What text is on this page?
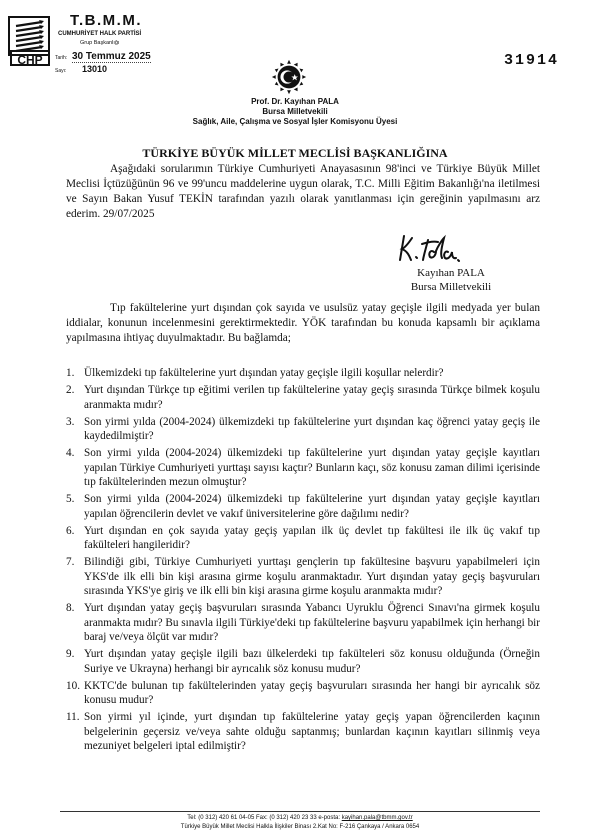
CHP
T.B.M.M.
CUMHURİYET HALK PARTİSİ
Grup Başkanlığı
Tarih: 30 Temmuz 2025
Sayı: 13010	31914
Prof. Dr. Kayıhan PALA
Bursa Milletvekili
Sağlık, Aile, Çalışma ve Sosyal İşler Komisyonu Üyesi
TÜRKİYE BÜYÜK MİLLET MECLİSİ BAŞKANLIĞINA
Aşağıdaki sorularımın Türkiye Cumhuriyeti Anayasasının 98'inci ve Türkiye Büyük Millet Meclisi İçtüzüğünün 96 ve 99'uncu maddelerine uygun olarak, T.C. Milli Eğitim Bakanlığı'na iletilmesi ve Sayın Bakan Yusuf TEKİN tarafından yazılı olarak yanıtlanması için gereğinin yapılmasını arz ederim. 29/07/2025
Kayıhan PALA
Bursa Milletvekili
Tıp fakültelerine yurt dışından çok sayıda ve usulsüz yatay geçişle ilgili medyada yer bulan iddialar, konunun incelenmesini gerektirmektedir. YÖK tarafından bu konuda kapsamlı bir açıklama yapılmasına ihtiyaç duyulmaktadır. Bu bağlamda;
1. Ülkemizdeki tıp fakültelerine yurt dışından yatay geçişle ilgili koşullar nelerdir?
2. Yurt dışından Türkçe tıp eğitimi verilen tıp fakültelerine yatay geçiş sırasında Türkçe bilmek koşulu aranmakta mıdır?
3. Son yirmi yılda (2004-2024) ülkemizdeki tıp fakültelerine yurt dışından kaç öğrenci yatay geçiş ile kaydedilmiştir?
4. Son yirmi yılda (2004-2024) ülkemizdeki tıp fakültelerine yurt dışından yatay geçişle kayıtları yapılan Türkiye Cumhuriyeti yurttaşı sayısı kaçtır? Bunların kaçı, söz konusu zaman dilimi içerisinde tıp fakültelerinden mezun olmuştur?
5. Son yirmi yılda (2004-2024) ülkemizdeki tıp fakültelerine yurt dışından yatay geçişle kayıtları yapılan öğrencilerin devlet ve vakıf üniversitelerine göre dağılımı nedir?
6. Yurt dışından en çok sayıda yatay geçiş yapılan ilk üç devlet tıp fakültesi ile ilk üç vakıf tıp fakülteleri hangileridir?
7. Bilindiği gibi, Türkiye Cumhuriyeti yurttaşı gençlerin tıp fakültesine başvuru yapabilmeleri için YKS'de ilk elli bin kişi arasına girme koşulu aranmaktadır. Yurt dışından yatay geçiş başvuruları sırasında YKS'ye giriş ve ilk elli bin kişi arasına girme koşulu aranmakta mıdır?
8. Yurt dışından yatay geçiş başvuruları sırasında Yabancı Uyruklu Öğrenci Sınavı'na girmek koşulu aranmakta mıdır? Bu sınavla ilgili Türkiye'deki tıp fakültelerine başvuru yapabilmek için herhangi bir baraj ve/veya ölçüt var mıdır?
9. Yurt dışından yatay geçişle ilgili bazı ülkelerdeki tıp fakülteleri söz konusu olduğunda (Örneğin Suriye ve Ukrayna) herhangi bir ayrıcalık söz konusu mudur?
10. KKTC'de bulunan tıp fakültelerinden yatay geçiş başvuruları sırasında her hangi bir ayrıcalık söz konusu mudur?
11. Son yirmi yıl içinde, yurt dışından tıp fakültelerine yatay geçiş yapan öğrencilerden kaçının belgelerinin geçersiz ve/veya sahte olduğu saptanmış; bunlardan kaçının kayıtları silinmiş veya mezuniyet belgeleri iptal edilmiştir?
Tel: (0 312) 420 61 04-05 Fax: (0 312) 420 23 33 e-posta: kayihan.pala@tbmm.gov.tr
Türkiye Büyük Millet Meclisi Halkla İlişkiler Binası 2.Kat No: F-216 Çankaya / Ankara 0654
